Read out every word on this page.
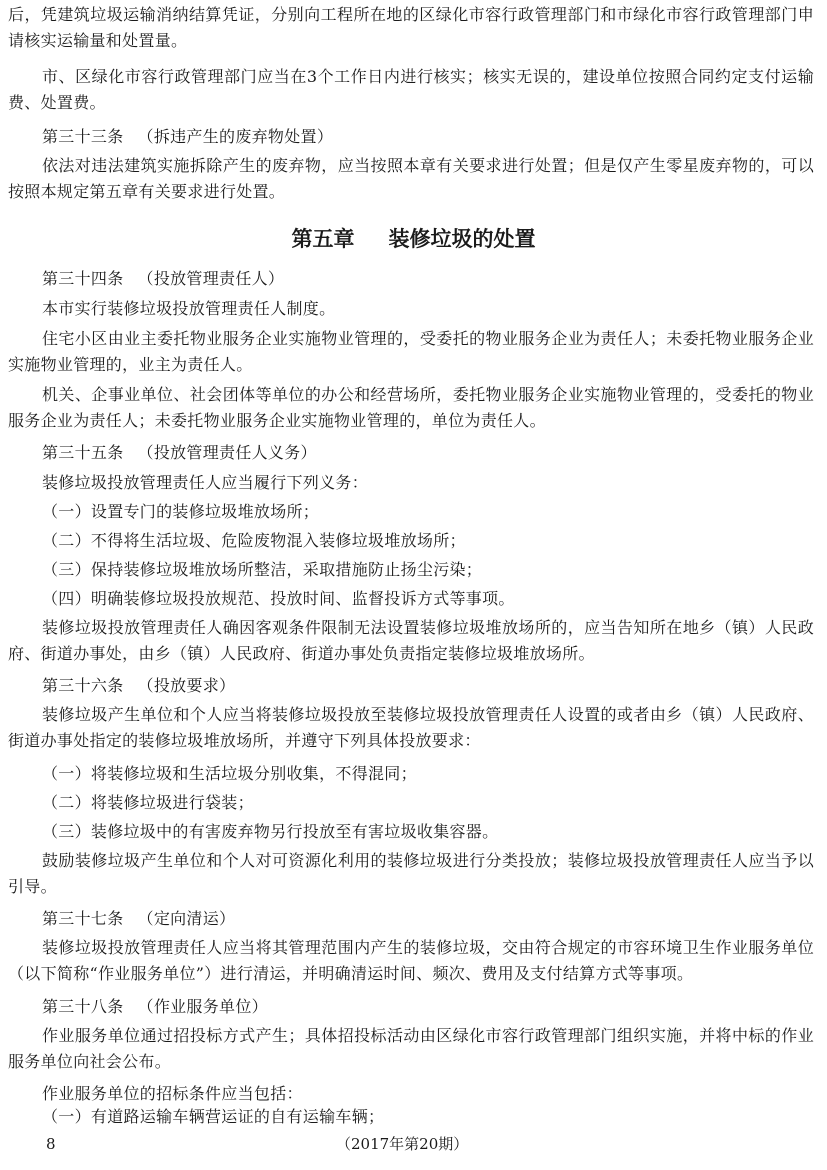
后，凭建筑垃圾运输消纳结算凭证，分别向工程所在地的区绿化市容行政管理部门和市绿化市容行政管理部门申请核实运输量和处置量。

市、区绿化市容行政管理部门应当在3个工作日内进行核实；核实无误的，建设单位按照合同约定支付运输费、处置费。

第三十三条 （拆违产生的废弃物处置）

依法对违法建筑实施拆除产生的废弃物，应当按照本章有关要求进行处置；但是仅产生零星废弃物的，可以按照本规定第五章有关要求进行处置。

第五章 装修垃圾的处置

第三十四条 （投放管理责任人）

本市实行装修垃圾投放管理责任人制度。

住宅小区由业主委托物业服务企业实施物业管理的，受委托的物业服务企业为责任人；未委托物业服务企业实施物业管理的，业主为责任人。

机关、企事业单位、社会团体等单位的办公和经营场所，委托物业服务企业实施物业管理的，受委托的物业服务企业为责任人；未委托物业服务企业实施物业管理的，单位为责任人。

第三十五条 （投放管理责任人义务）

装修垃圾投放管理责任人应当履行下列义务：

（一）设置专门的装修垃圾堆放场所；

（二）不得将生活垃圾、危险废物混入装修垃圾堆放场所；

（三）保持装修垃圾堆放场所整洁，采取措施防止扬尘污染；

（四）明确装修垃圾投放规范、投放时间、监督投诉方式等事项。

装修垃圾投放管理责任人确因客观条件限制无法设置装修垃圾堆放场所的，应当告知所在地乡（镇）人民政府、街道办事处，由乡（镇）人民政府、街道办事处负责指定装修垃圾堆放场所。

第三十六条 （投放要求）

装修垃圾产生单位和个人应当将装修垃圾投放至装修垃圾投放管理责任人设置的或者由乡（镇）人民政府、街道办事处指定的装修垃圾堆放场所，并遵守下列具体投放要求：

（一）将装修垃圾和生活垃圾分别收集，不得混同；

（二）将装修垃圾进行袋装；

（三）装修垃圾中的有害废弃物另行投放至有害垃圾收集容器。

鼓励装修垃圾产生单位和个人对可资源化利用的装修垃圾进行分类投放；装修垃圾投放管理责任人应当予以引导。

第三十七条 （定向清运）

装修垃圾投放管理责任人应当将其管理范围内产生的装修垃圾，交由符合规定的市容环境卫生作业服务单位（以下简称“作业服务单位”）进行清运，并明确清运时间、频次、费用及支付结算方式等事项。

第三十八条 （作业服务单位）

作业服务单位通过招投标方式产生；具体招投标活动由区绿化市容行政管理部门组织实施，并将中标的作业服务单位向社会公布。

作业服务单位的招标条件应当包括：

（一）有道路运输车辆营运证的自有运输车辆；

8	（2017年第20期）
